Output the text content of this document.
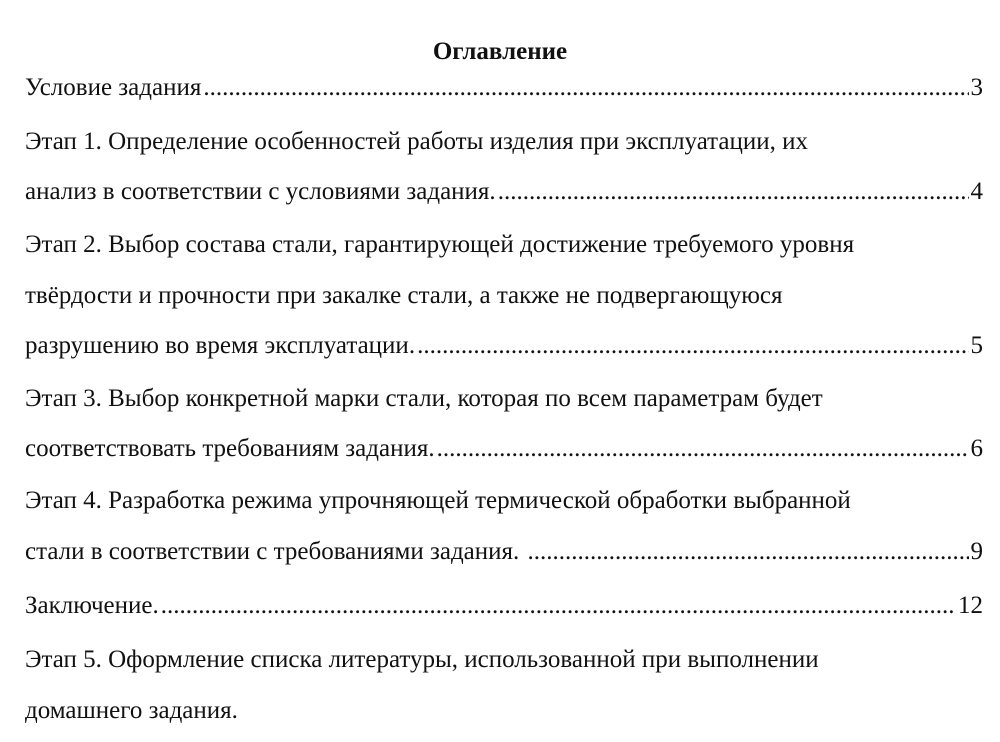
Оглавление
Условие задания .....	3
Этап 1. Определение особенностей работы изделия при эксплуатации, их
анализ в соответствии с условиями задания. .....	4
Этап 2. Выбор состава стали, гарантирующей достижение требуемого уровня
твёрдости и прочности при закалке стали, а также не подвергающуюся
разрушению во время эксплуатации. .....	5
Этап 3. Выбор конкретной марки стали, которая по всем параметрам будет
соответствовать требованиям задания. .....	6
Этап 4. Разработка режима упрочняющей термической обработки выбранной
стали в соответствии с требованиями задания. .....	9
Заключение. .....	12
Этап 5. Оформление списка литературы, использованной при выполнении
домашнего задания.
